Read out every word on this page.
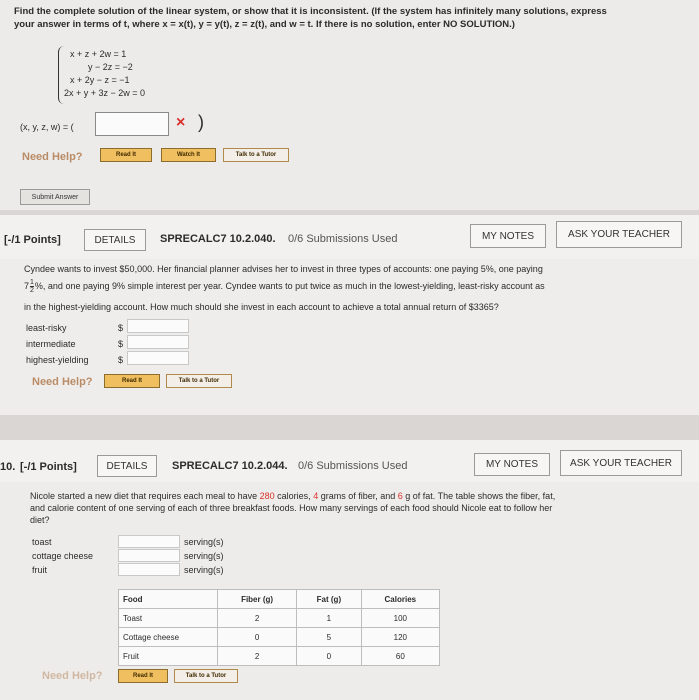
Find the complete solution of the linear system, or show that it is inconsistent. (If the system has infinitely many solutions, express
your answer in terms of t, where x = x(t), y = y(t), z = z(t), and w = t. If there is no solution, enter NO SOLUTION.)
x + z + 2w = 1
y − 2z = −2
x + 2y − z = −1
2x + y + 3z − 2w = 0
(x, y, z, w) = (	× )
Need Help?	Read It	Watch It	Talk to a Tutor
Submit Answer
[-/1 Points]	DETAILS	SPRECALC7 10.2.040. 0/6 Submissions Used	MY NOTES	ASK YOUR TEACHER
Cyndee wants to invest $50,000. Her financial planner advises her to invest in three types of accounts: one paying 5%, one paying
$7 \frac{1}{2}$ %, and one paying 9% simple interest per year. Cyndee wants to put twice as much in the lowest-yielding, least-risky account as
in the highest-yielding account. How much should she invest in each account to achieve a total annual return of $3365?
least-risky	$
intermediate	$
highest-yielding	$
Need Help?	Read It	Talk to a Tutor
10. [-/1 Points]	DETAILS	SPRECALC7 10.2.044. 0/6 Submissions Used	MY NOTES	ASK YOUR TEACHER
Nicole started a new diet that requires each meal to have 280 calories, 4 grams of fiber, and 6 g of fat. The table shows the fiber, fat,
and calorie content of one serving of each of three breakfast foods. How many servings of each food should Nicole eat to follow her
diet?
toast	serving(s)
cottage cheese	serving(s)
fruit	serving(s)
Food	Fiber (g)	Fat (g)	Calories
Toast	2	1	100
Cottage cheese	0	5	120
Fruit	2	0	60
Need Help?	Read It	Talk to a Tutor
